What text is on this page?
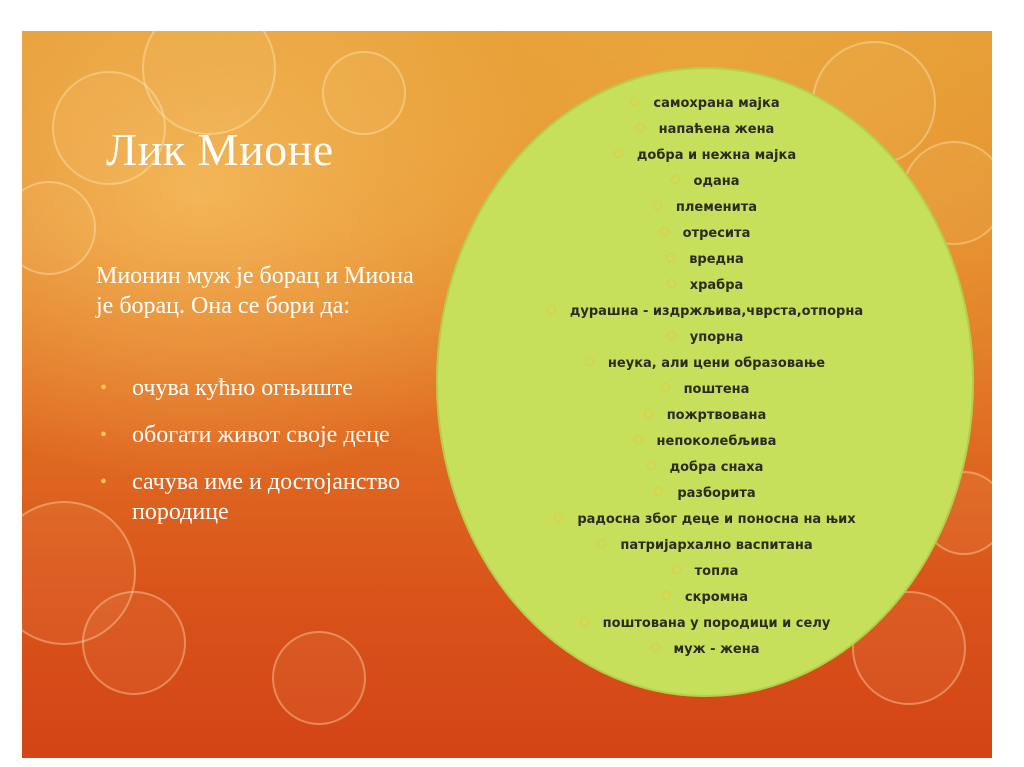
Лик Мионе

Мионин муж је борац и Миона је борац. Она се бори да:

• очува кућно огњиште
• обогати живот своје деце
• сачува име и достојанство породице
самохрана мајка
напаћена жена
добра и нежна мајка
одана
племенита
отресита
вредна
храбра
дурашна - издржљива,чврста,отпорна
упорна
неука, али цени образовање
поштена
пожртвована
непоколебљива
добра снаха
разборита
радосна због деце и поносна на њих
патријархално васпитана
топла
скромна
поштована у породици и селу
муж - жена
